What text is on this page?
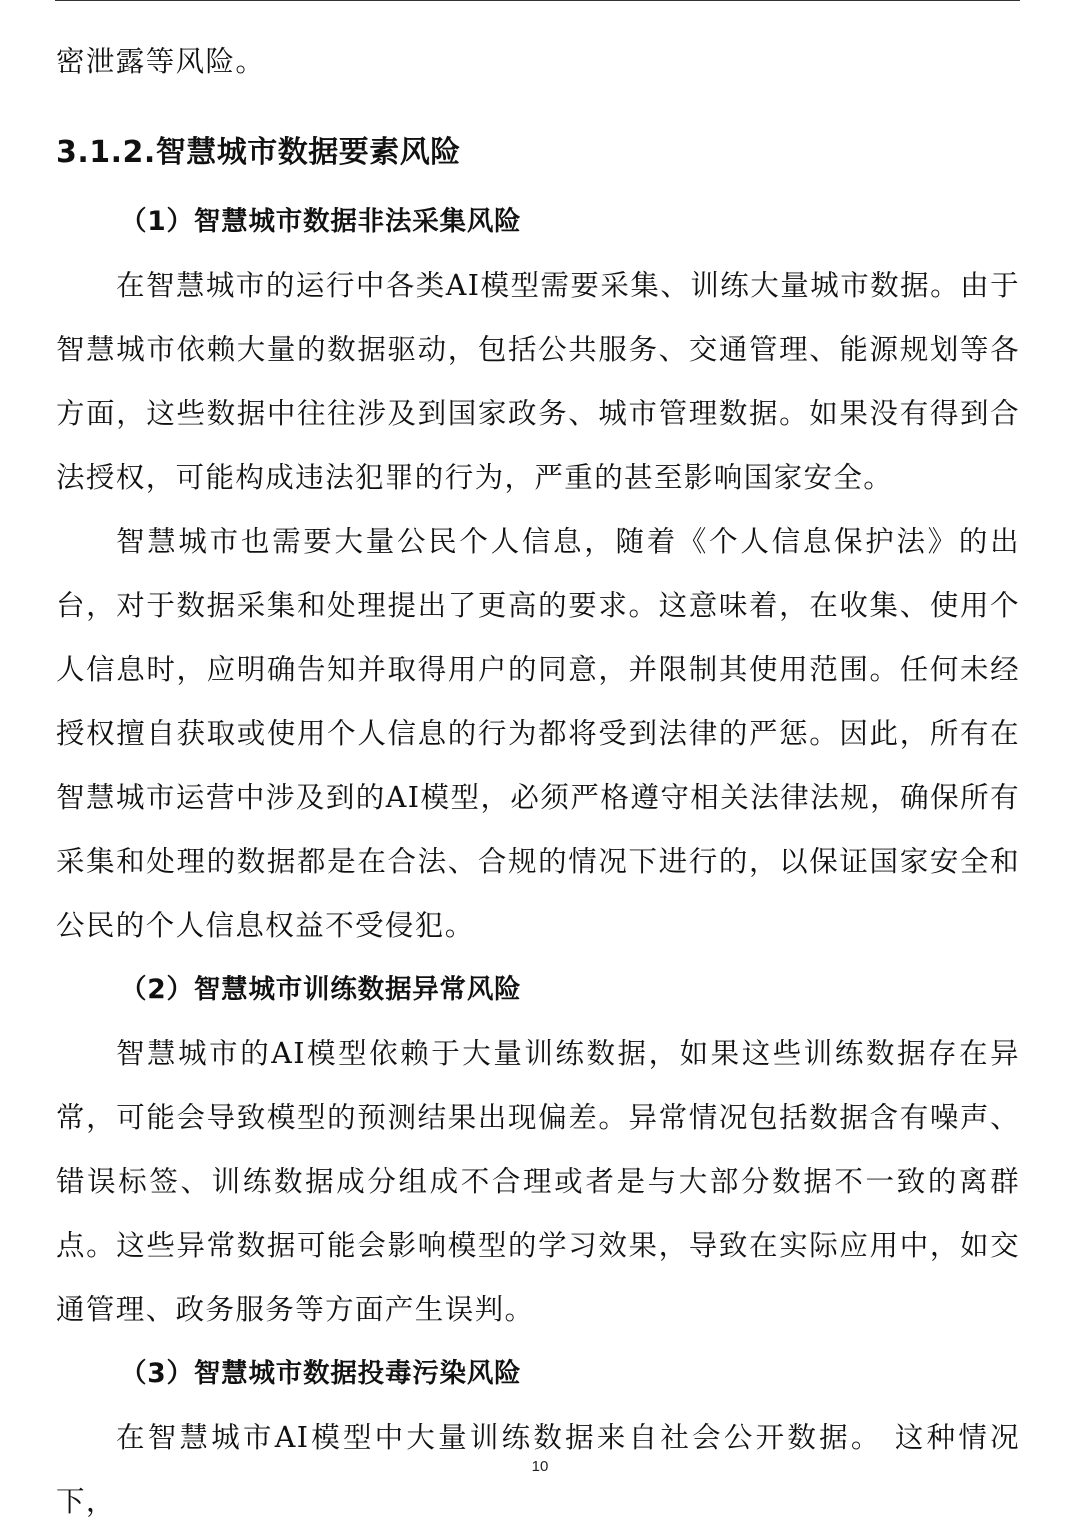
密泄露等风险。

3.1.2.智慧城市数据要素风险
（1）智慧城市数据非法采集风险

在智慧城市的运行中各类AI模型需要采集、训练大量城市数据。由于智慧城市依赖大量的数据驱动，包括公共服务、交通管理、能源规划等各方面，这些数据中往往涉及到国家政务、城市管理数据。如果没有得到合法授权，可能构成违法犯罪的行为，严重的甚至影响国家安全。

智慧城市也需要大量公民个人信息，随着《个人信息保护法》的出台，对于数据采集和处理提出了更高的要求。这意味着，在收集、使用个人信息时，应明确告知并取得用户的同意，并限制其使用范围。任何未经授权擅自获取或使用个人信息的行为都将受到法律的严惩。因此，所有在智慧城市运营中涉及到的AI模型，必须严格遵守相关法律法规，确保所有采集和处理的数据都是在合法、合规的情况下进行的，以保证国家安全和公民的个人信息权益不受侵犯。

（2）智慧城市训练数据异常风险

智慧城市的AI模型依赖于大量训练数据，如果这些训练数据存在异常，可能会导致模型的预测结果出现偏差。异常情况包括数据含有噪声、错误标签、训练数据成分组成不合理或者是与大部分数据不一致的离群点。这些异常数据可能会影响模型的学习效果，导致在实际应用中，如交通管理、政务服务等方面产生误判。

（3）智慧城市数据投毒污染风险

在智慧城市AI模型中大量训练数据来自社会公开数据。 这种情况下，

10
